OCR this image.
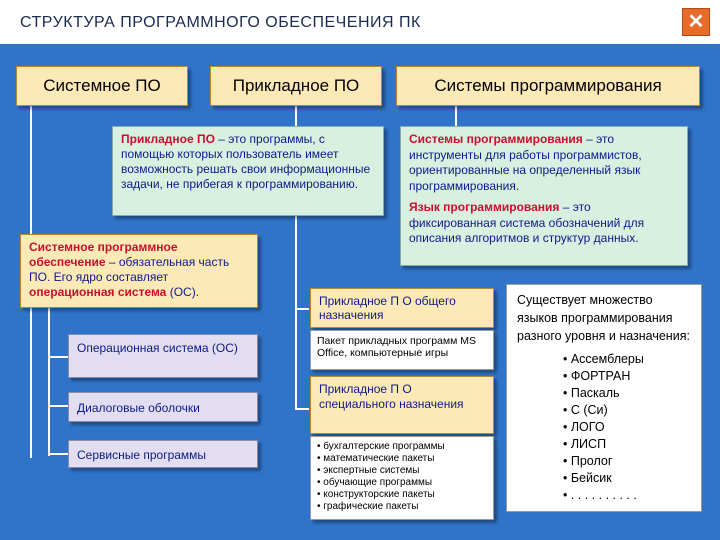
СТРУКТУРА ПРОГРАММНОГО ОБЕСПЕЧЕНИЯ ПК	✕
Системное ПО	Прикладное ПО	Системы программирования
Прикладное ПО – это программы, с помощью которых пользователь имеет возможность решать свои информационные задачи, не прибегая к программированию.
Системное программное обеспечение – обязательная часть ПО. Его ядро составляет операционная система (ОС).
Операционная система (ОС)
Диалоговые оболочки
Сервисные программы
Системы программирования – это инструменты для работы программистов, ориентированные на определенный язык программирования.
Язык программирования – это фиксированная система обозначений для описания алгоритмов и структур данных.
Прикладное П О общего назначения
Пакет прикладных программ MS Office, компьютерные игры
Прикладное П О специального назначения
• бухгалтерские программы
• математические пакеты
• экспертные системы
• обучающие программы
• конструкторские пакеты
• графические пакеты
Существует множество языков программирования разного уровня и назначения:
• Ассемблеры
• ФОРТРАН
• Паскаль
• С (Си)
• ЛОГО
• ЛИСП
• Пролог
• Бейсик
• . . . . . . . . . .
